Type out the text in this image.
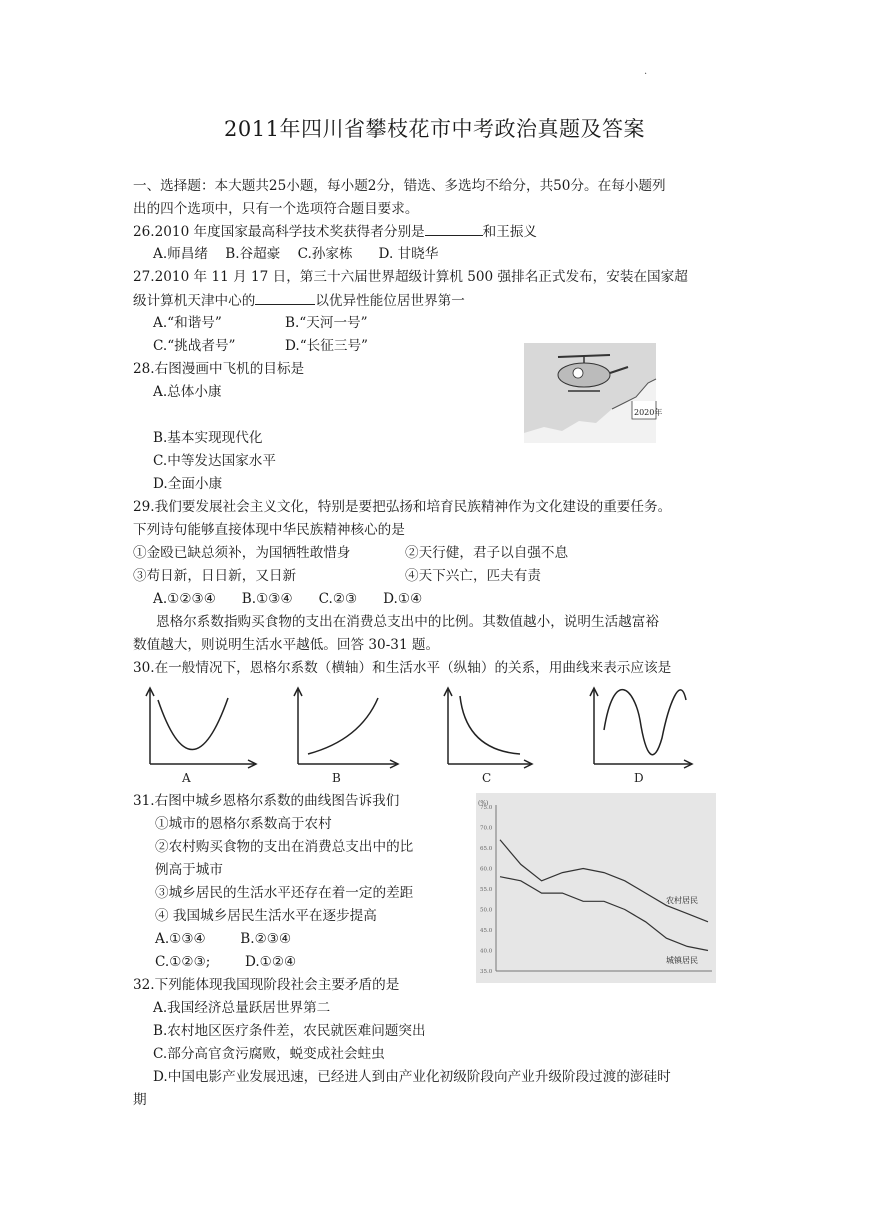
.
2011年四川省攀枝花市中考政治真题及答案
一、选择题：本大题共25小题，每小题2分，错选、多选均不给分，共50分。在每小题列
出的四个选项中，只有一个选项符合题目要求。
26.2010 年度国家最高科学技术奖获得者分别是	和王振义
A.师昌绪    B.谷超豪    C.孙家栋      D. 甘晓华
27.2010 年 11 月 17 日，第三十六届世界超级计算机 500 强排名正式发布，安装在国家超
级计算机天津中心的	以优异性能位居世界第一
A.“和谐号”	B.“天河一号”
C.“挑战者号”	D.“长征三号”
28.右图漫画中飞机的目标是
A.总体小康
B.基本实现现代化
C.中等发达国家水平
D.全面小康
2020年
29.我们要发展社会主义文化，特别是要把弘扬和培育民族精神作为文化建设的重要任务。
下列诗句能够直接体现中华民族精神核心的是
①金殴已缺总须补，为国牺牲敢惜身	②天行健，君子以自强不息
③苟日新，日日新，又日新	④天下兴亡，匹夫有责
A.①②③④      B.①③④      C.②③      D.①④
恩格尔系数指购买食物的支出在消费总支出中的比例。其数值越小，说明生活越富裕
数值越大，则说明生活水平越低。回答 30-31 题。
30.在一般情况下，恩格尔系数（横轴）和生活水平（纵轴）的关系，用曲线来表示应该是
A	B	C	D
31.右图中城乡恩格尔系数的曲线图告诉我们
①城市的恩格尔系数高于农村
②农村购买食物的支出在消费总支出中的比
例高于城市
③城乡居民的生活水平还存在着一定的差距
④ 我国城乡居民生活水平在逐步提高
A.①③④        B.②③④
C.①②③;        D.①②④
(%)
35.0
40.0
45.0
50.0
55.0
60.0
65.0
70.0
75.0
农村居民
城镇居民
32.下列能体现我国现阶段社会主要矛盾的是
A.我国经济总量跃居世界第二
B.农村地区医疗条件差，农民就医难问题突出
C.部分高官贪污腐败，蜕变成社会蛀虫
D.中国电影产业发展迅速，已经进人到由产业化初级阶段向产业升级阶段过渡的澎硅时
期
